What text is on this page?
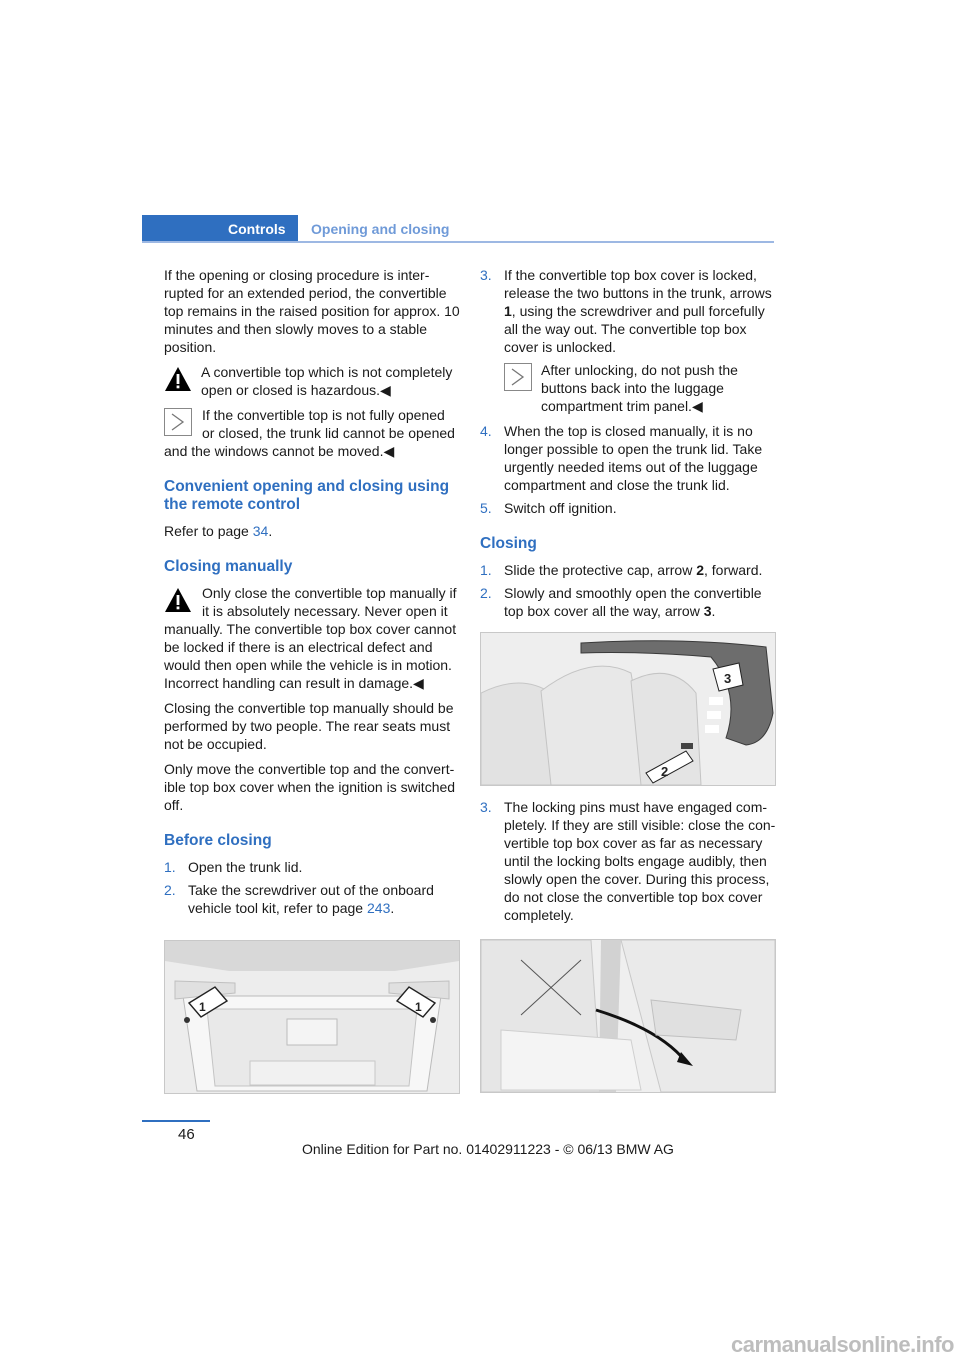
Controls	Opening and closing

If the opening or closing procedure is inter-rupted for an extended period, the convertible top remains in the raised position for approx. 10 minutes and then slowly moves to a stable position.

A convertible top which is not completely open or closed is hazardous.◀
If the convertible top is not fully opened or closed, the trunk lid cannot be opened and the windows cannot be moved.◀
Convenient opening and closing using the remote control

Refer to page 34.

Closing manually
Only close the convertible top manually if it is absolutely necessary. Never open it manually. The convertible top box cover cannot be locked if there is an electrical defect and would then open while the vehicle is in motion. Incorrect handling can result in damage.◀

Closing the convertible top manually should be performed by two people. The rear seats must not be occupied.

Only move the convertible top and the convert-ible top box cover when the ignition is switched off.

Before closing
1. Open the trunk lid.
2. Take the screwdriver out of the onboard vehicle tool kit, refer to page 243.
1	1
3. If the convertible top box cover is locked, release the two buttons in the trunk, arrows 1, using the screwdriver and pull forcefully all the way out. The convertible top box cover is unlocked.
After unlocking, do not push the buttons back into the luggage compartment trim panel.◀
4. When the top is closed manually, it is no longer possible to open the trunk lid. Take urgently needed items out of the luggage compartment and close the trunk lid.
5. Switch off ignition.
Closing
1. Slide the protective cap, arrow 2, forward.
2. Slowly and smoothly open the convertible top box cover all the way, arrow 3.
3
2
3. The locking pins must have engaged com-pletely. If they are still visible: close the con-vertible top box cover as far as necessary until the locking bolts engage audibly, then slowly open the cover. During this process, do not close the convertible top box cover completely.
46
Online Edition for Part no. 01402911223 - © 06/13 BMW AG
carmanualsonline.info
